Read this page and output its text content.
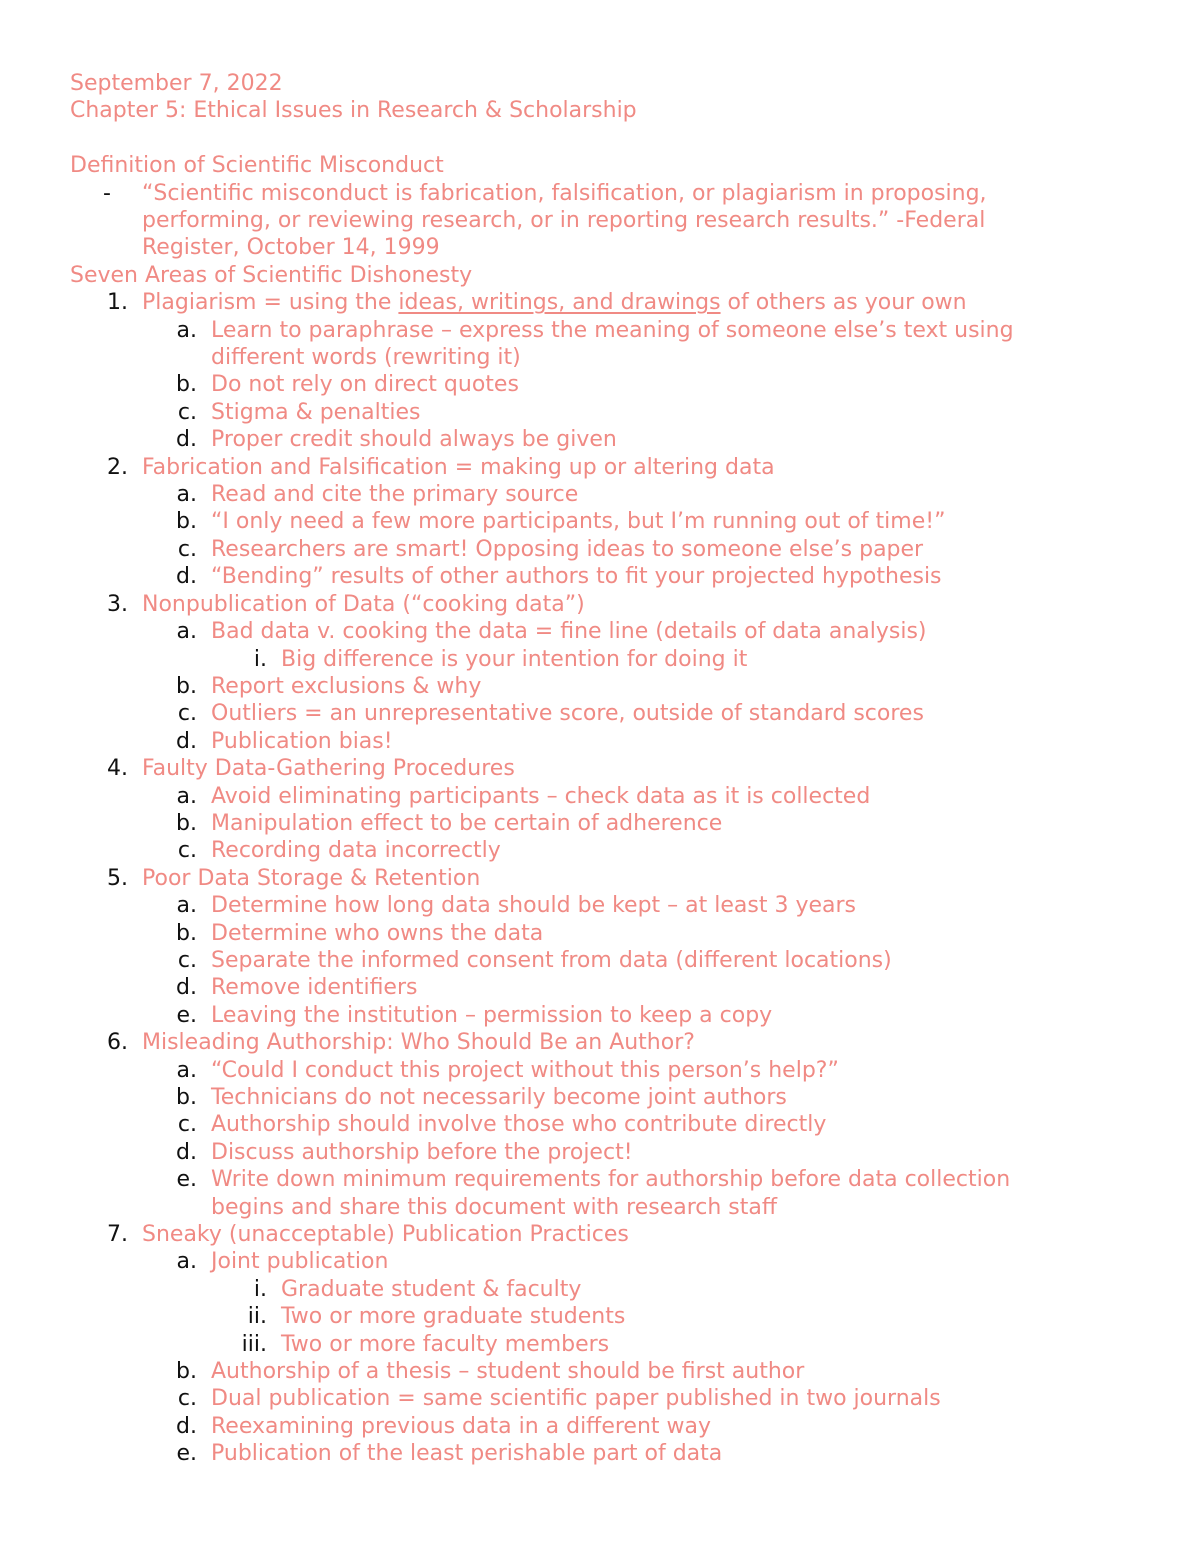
September 7, 2022
Chapter 5: Ethical Issues in Research & Scholarship
Definition of Scientific Misconduct
-	“Scientific misconduct is fabrication, falsification, or plagiarism in proposing, performing, or reviewing research, or in reporting research results.” -Federal Register, October 14, 1999
Seven Areas of Scientific Dishonesty
1. Plagiarism = using the ideas, writings, and drawings of others as your own
a. Learn to paraphrase – express the meaning of someone else’s text using different words (rewriting it)
b. Do not rely on direct quotes
c. Stigma & penalties
d. Proper credit should always be given
2. Fabrication and Falsification = making up or altering data
a. Read and cite the primary source
b. “I only need a few more participants, but I’m running out of time!”
c. Researchers are smart! Opposing ideas to someone else’s paper
d. “Bending” results of other authors to fit your projected hypothesis
3. Nonpublication of Data (“cooking data”)
a. Bad data v. cooking the data = fine line (details of data analysis)
i. Big difference is your intention for doing it
b. Report exclusions & why
c. Outliers = an unrepresentative score, outside of standard scores
d. Publication bias!
4. Faulty Data-Gathering Procedures
a. Avoid eliminating participants – check data as it is collected
b. Manipulation effect to be certain of adherence
c. Recording data incorrectly
5. Poor Data Storage & Retention
a. Determine how long data should be kept – at least 3 years
b. Determine who owns the data
c. Separate the informed consent from data (different locations)
d. Remove identifiers
e. Leaving the institution – permission to keep a copy
6. Misleading Authorship: Who Should Be an Author?
a. “Could I conduct this project without this person’s help?”
b. Technicians do not necessarily become joint authors
c. Authorship should involve those who contribute directly
d. Discuss authorship before the project!
e. Write down minimum requirements for authorship before data collection begins and share this document with research staff
7. Sneaky (unacceptable) Publication Practices
a. Joint publication
i. Graduate student & faculty
ii. Two or more graduate students
iii. Two or more faculty members
b. Authorship of a thesis – student should be first author
c. Dual publication = same scientific paper published in two journals
d. Reexamining previous data in a different way
e. Publication of the least perishable part of data
